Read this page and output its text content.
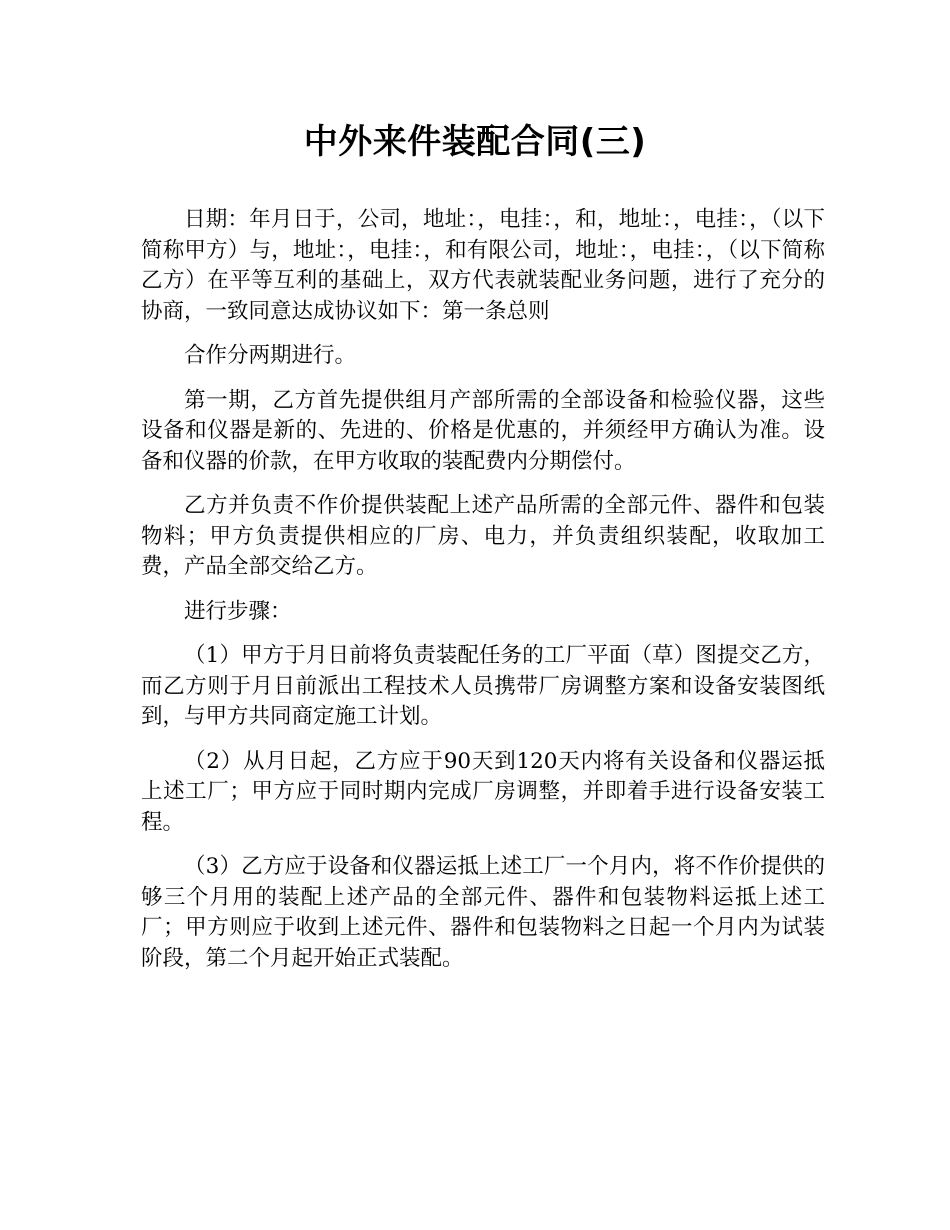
中外来件装配合同(三)

日期：年月日于，公司，地址：，电挂：，和，地址：，电挂：，（以下简称甲方）与，地址：，电挂：，和有限公司，地址：，电挂：，（以下简称乙方）在平等互利的基础上，双方代表就装配业务问题，进行了充分的协商，一致同意达成协议如下：第一条总则

合作分两期进行。

第一期，乙方首先提供组月产部所需的全部设备和检验仪器，这些设备和仪器是新的、先进的、价格是优惠的，并须经甲方确认为准。设备和仪器的价款，在甲方收取的装配费内分期偿付。

乙方并负责不作价提供装配上述产品所需的全部元件、器件和包装物料；甲方负责提供相应的厂房、电力，并负责组织装配，收取加工费，产品全部交给乙方。

进行步骤：

（1）甲方于月日前将负责装配任务的工厂平面（草）图提交乙方，而乙方则于月日前派出工程技术人员携带厂房调整方案和设备安装图纸到，与甲方共同商定施工计划。

（2）从月日起，乙方应于90天到120天内将有关设备和仪器运抵上述工厂；甲方应于同时期内完成厂房调整，并即着手进行设备安装工程。

（3）乙方应于设备和仪器运抵上述工厂一个月内，将不作价提供的够三个月用的装配上述产品的全部元件、器件和包装物料运抵上述工厂；甲方则应于收到上述元件、器件和包装物料之日起一个月内为试装阶段，第二个月起开始正式装配。
